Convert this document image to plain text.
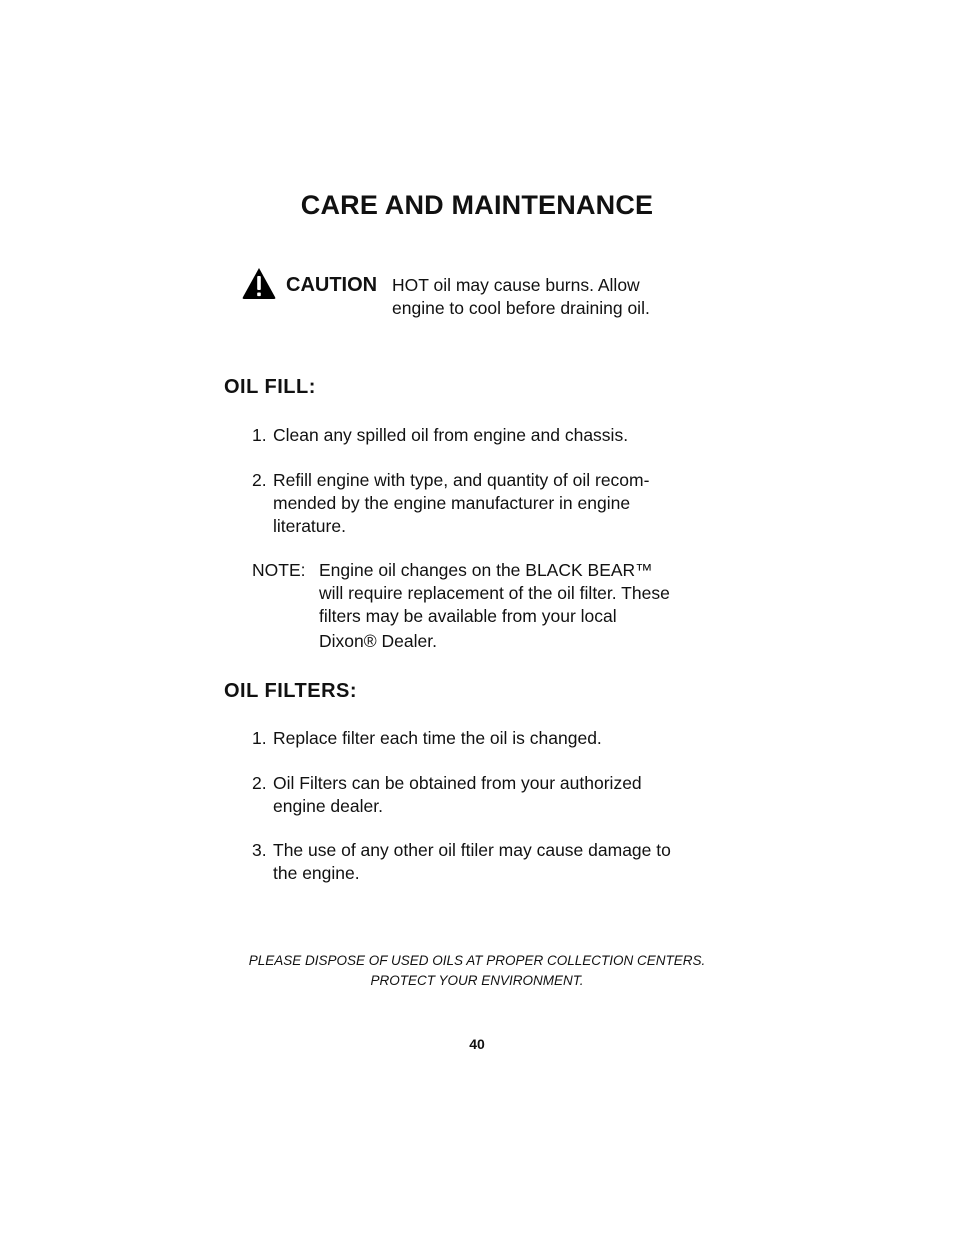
CARE AND MAINTENANCE
CAUTION HOT oil may cause burns. Allow
engine to cool before draining oil.
OIL FILL:
1. Clean any spilled oil from engine and chassis.
2. Refill engine with type, and quantity of oil recom-
mended by the engine manufacturer in engine
literature.
NOTE: Engine oil changes on the BLACK BEAR™
will require replacement of the oil filter. These
filters may be available from your local
Dixon® Dealer.
OIL FILTERS:
1. Replace filter each time the oil is changed.
2. Oil Filters can be obtained from your authorized
engine dealer.
3. The use of any other oil ftiler may cause damage to
the engine.
PLEASE DISPOSE OF USED OILS AT PROPER COLLECTION CENTERS.
PROTECT YOUR ENVIRONMENT.
40
